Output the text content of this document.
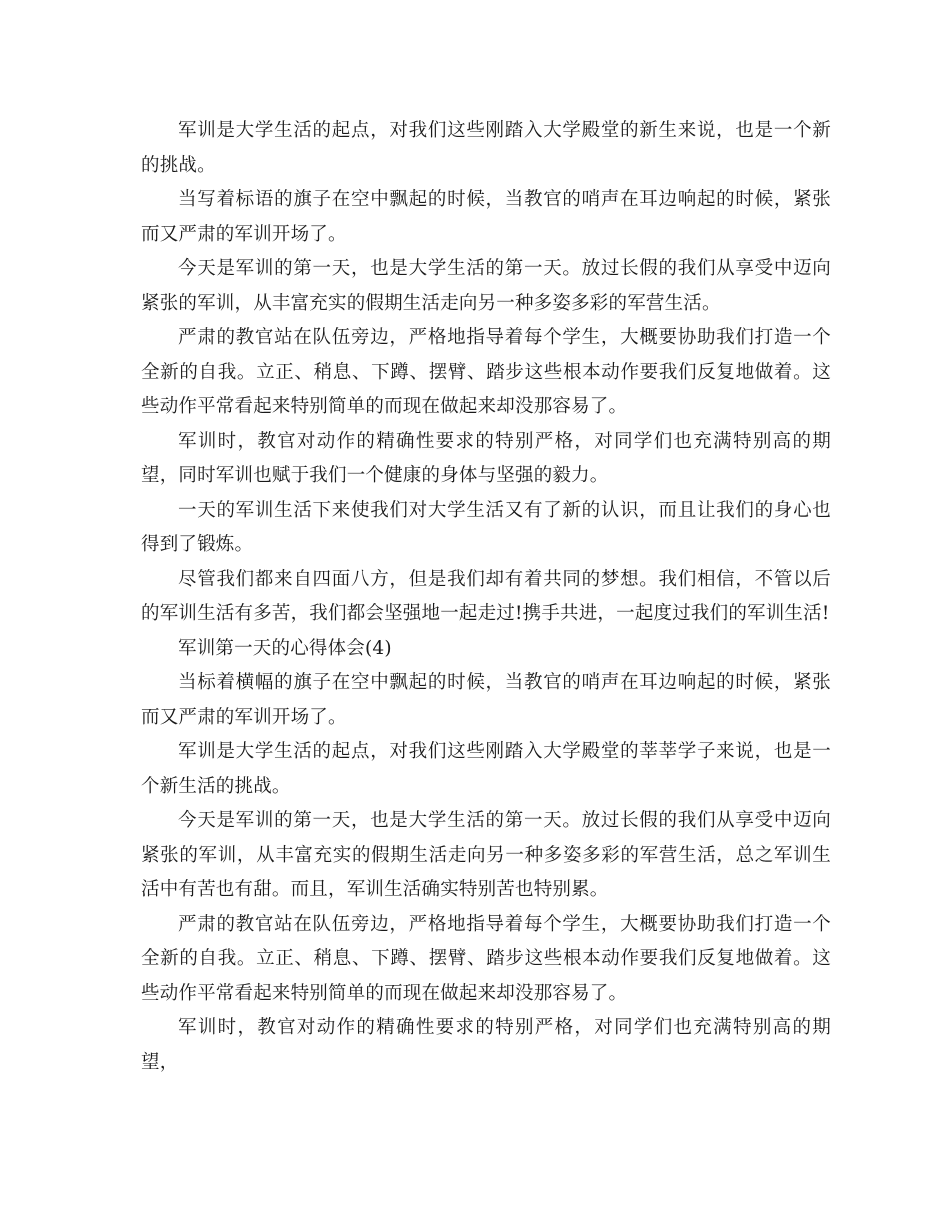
军训是大学生活的起点，对我们这些刚踏入大学殿堂的新生来说，也是一个新的挑战。

当写着标语的旗子在空中飘起的时候，当教官的哨声在耳边响起的时候，紧张而又严肃的军训开场了。

今天是军训的第一天，也是大学生活的第一天。放过长假的我们从享受中迈向紧张的军训，从丰富充实的假期生活走向另一种多姿多彩的军营生活。

严肃的教官站在队伍旁边，严格地指导着每个学生，大概要协助我们打造一个全新的自我。立正、稍息、下蹲、摆臂、踏步这些根本动作要我们反复地做着。这些动作平常看起来特别简单的而现在做起来却没那容易了。

军训时，教官对动作的精确性要求的特别严格，对同学们也充满特别高的期望，同时军训也赋于我们一个健康的身体与坚强的毅力。

一天的军训生活下来使我们对大学生活又有了新的认识，而且让我们的身心也得到了锻炼。

尽管我们都来自四面八方，但是我们却有着共同的梦想。我们相信，不管以后的军训生活有多苦，我们都会坚强地一起走过!携手共进，一起度过我们的军训生活!

军训第一天的心得体会(4)

当标着横幅的旗子在空中飘起的时候，当教官的哨声在耳边响起的时候，紧张而又严肃的军训开场了。

军训是大学生活的起点，对我们这些刚踏入大学殿堂的莘莘学子来说，也是一个新生活的挑战。

今天是军训的第一天，也是大学生活的第一天。放过长假的我们从享受中迈向紧张的军训，从丰富充实的假期生活走向另一种多姿多彩的军营生活，总之军训生活中有苦也有甜。而且，军训生活确实特别苦也特别累。

严肃的教官站在队伍旁边，严格地指导着每个学生，大概要协助我们打造一个全新的自我。立正、稍息、下蹲、摆臂、踏步这些根本动作要我们反复地做着。这些动作平常看起来特别简单的而现在做起来却没那容易了。

军训时，教官对动作的精确性要求的特别严格，对同学们也充满特别高的期望，
